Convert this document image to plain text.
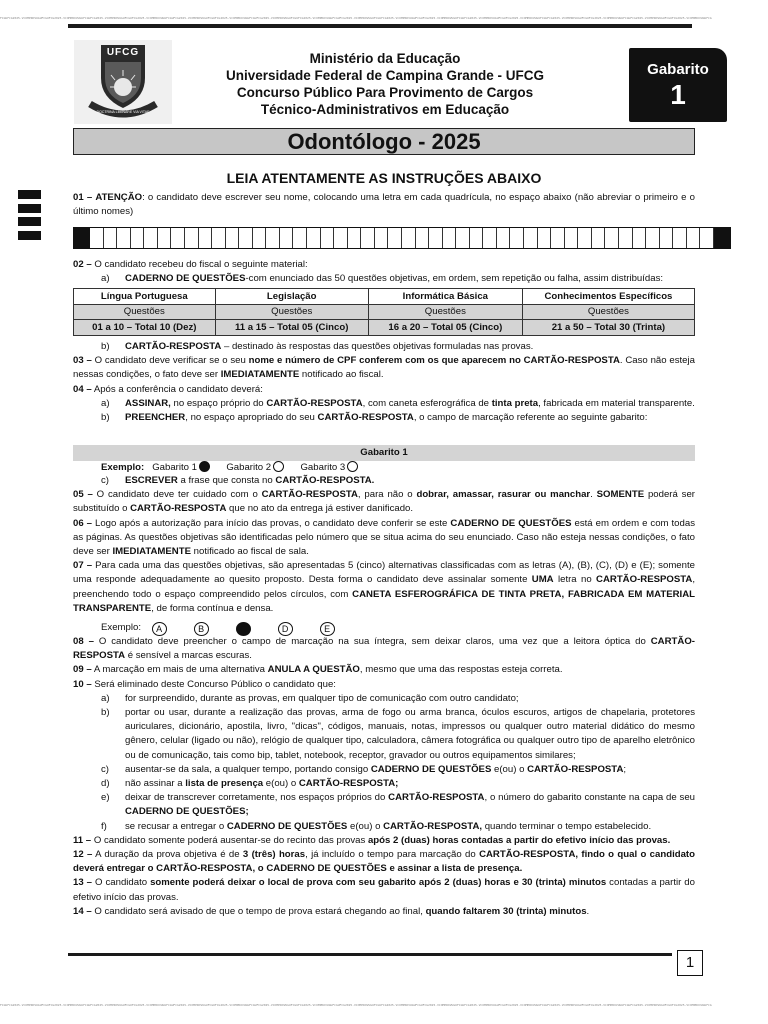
FCGUFCG2025-VCOMPROVUGUFCGUFCG2025-VCOMPROVUGUFCGUFCG2025-VCOMPROVUGUFCGUFCG2025-VCOMPROVUGUFCGUFCG2025-VCOMPROVUGUFCGUFCG2025-VCOMPROVUGUFCGUFCG2025-VCOMPROVUGUFCGUFCG2025-VCOMPROVUGUFCGUFCG2025-VCOMPROVUGUFCGUFCG2025-VCOMPROVUGUFCGUFCG2025-VCOMPROVUGUFCGUFCG2025-VCOMPROVUGUFCGUFCG2025-VCOMPROVUGUFCGUFCG2025-VCOMPROVUGUFCGUFCG2025-VCOMPROVUGUFCGUFCG2025-VCOMPROVUGUFCGUFCG2025-VCOMPROVUGUFCG
UFCG
DOCTRINA LIMINARE VIA VITAE
Ministério da Educação
Universidade Federal de Campina Grande - UFCG
Concurso Público Para Provimento de Cargos
Técnico-Administrativos em Educação
Gabarito
1
Odontólogo - 2025
LEIA ATENTAMENTE AS INSTRUÇÕES ABAIXO
01 – ATENÇÃO: o candidato deve escrever seu nome, colocando uma letra em cada quadrícula, no espaço abaixo (não abreviar o primeiro e o último nomes)
02 – O candidato recebeu do fiscal o seguinte material:
a) CADERNO DE QUESTÕES-com enunciado das 50 questões objetivas, em ordem, sem repetição ou falha, assim distribuídas:
Língua Portuguesa	Legislação	Informática Básica	Conhecimentos Específicos
Questões	Questões	Questões	Questões
01 a 10 – Total 10 (Dez)	11 a 15 – Total 05 (Cinco)	16 a 20 – Total 05 (Cinco)	21 a 50 – Total 30 (Trinta)
b) CARTÃO-RESPOSTA – destinado às respostas das questões objetivas formuladas nas provas.
03 – O candidato deve verificar se o seu nome e número de CPF conferem com os que aparecem no CARTÃO-RESPOSTA. Caso não esteja nessas condições, o fato deve ser IMEDIATAMENTE notificado ao fiscal.
04 – Após a conferência o candidato deverá:
a) ASSINAR, no espaço próprio do CARTÃO-RESPOSTA, com caneta esferográfica de tinta preta, fabricada em material transparente.
b) PREENCHER, no espaço apropriado do seu CARTÃO-RESPOSTA, o campo de marcação referente ao seguinte gabarito:
Gabarito 1
Exemplo: Gabarito 1	Gabarito 2	Gabarito 3
c) ESCREVER a frase que consta no CARTÃO-RESPOSTA.
05 – O candidato deve ter cuidado com o CARTÃO-RESPOSTA, para não o dobrar, amassar, rasurar ou manchar. SOMENTE poderá ser substituído o CARTÃO-RESPOSTA que no ato da entrega já estiver danificado.
06 – Logo após a autorização para início das provas, o candidato deve conferir se este CADERNO DE QUESTÕES está em ordem e com todas as páginas. As questões objetivas são identificadas pelo número que se situa acima do seu enunciado. Caso não esteja nessas condições, o fato deve ser IMEDIATAMENTE notificado ao fiscal de sala.
07 – Para cada uma das questões objetivas, são apresentadas 5 (cinco) alternativas classificadas com as letras (A), (B), (C), (D) e (E); somente uma responde adequadamente ao quesito proposto. Desta forma o candidato deve assinalar somente UMA letra no CARTÃO-RESPOSTA, preenchendo todo o espaço compreendido pelos círculos, com CANETA ESFEROGRÁFICA DE TINTA PRETA, FABRICADA EM MATERIAL TRANSPARENTE, de forma contínua e densa.
Exemplo: A	B	C	D	E
08 – O candidato deve preencher o campo de marcação na sua íntegra, sem deixar claros, uma vez que a leitora óptica do CARTÃO-RESPOSTA é sensível a marcas escuras.
09 – A marcação em mais de uma alternativa ANULA A QUESTÃO, mesmo que uma das respostas esteja correta.
10 – Será eliminado deste Concurso Público o candidato que:
a) for surpreendido, durante as provas, em qualquer tipo de comunicação com outro candidato;
b) portar ou usar, durante a realização das provas, arma de fogo ou arma branca, óculos escuros, artigos de chapelaria, protetores auriculares, dicionário, apostila, livro, "dicas", códigos, manuais, notas, impressos ou qualquer outro material didático do mesmo gênero, celular (ligado ou não), relógio de qualquer tipo, calculadora, câmera fotográfica ou qualquer outro tipo de aparelho eletrônico ou de comunicação, tais como bip, tablet, notebook, receptor, gravador ou outros equipamentos similares;
c) ausentar-se da sala, a qualquer tempo, portando consigo CADERNO DE QUESTÕES e(ou) o CARTÃO-RESPOSTA;
d) não assinar a lista de presença e(ou) o CARTÃO-RESPOSTA;
e) deixar de transcrever corretamente, nos espaços próprios do CARTÃO-RESPOSTA, o número do gabarito constante na capa de seu CADERNO DE QUESTÕES;
f) se recusar a entregar o CADERNO DE QUESTÕES e(ou) o CARTÃO-RESPOSTA, quando terminar o tempo estabelecido.
11 – O candidato somente poderá ausentar-se do recinto das provas após 2 (duas) horas contadas a partir do efetivo início das provas.
12 – A duração da prova objetiva é de 3 (três) horas, já incluído o tempo para marcação do CARTÃO-RESPOSTA, findo o qual o candidato deverá entregar o CARTÃO-RESPOSTA, o CADERNO DE QUESTÕES e assinar a lista de presença.
13 – O candidato somente poderá deixar o local de prova com seu gabarito após 2 (duas) horas e 30 (trinta) minutos contadas a partir do efetivo início das provas.
14 – O candidato será avisado de que o tempo de prova estará chegando ao final, quando faltarem 30 (trinta) minutos.
1
FCGUFCG2025-VCOMPROVUGUFCGUFCG2025-VCOMPROVUGUFCGUFCG2025-VCOMPROVUGUFCGUFCG2025-VCOMPROVUGUFCGUFCG2025-VCOMPROVUGUFCGUFCG2025-VCOMPROVUGUFCGUFCG2025-VCOMPROVUGUFCGUFCG2025-VCOMPROVUGUFCGUFCG2025-VCOMPROVUGUFCGUFCG2025-VCOMPROVUGUFCGUFCG2025-VCOMPROVUGUFCGUFCG2025-VCOMPROVUGUFCGUFCG2025-VCOMPROVUGUFCGUFCG2025-VCOMPROVUGUFCGUFCG2025-VCOMPROVUGUFCGUFCG2025-VCOMPROVUGUFCGUFCG2025-VCOMPROVUGUFCG
